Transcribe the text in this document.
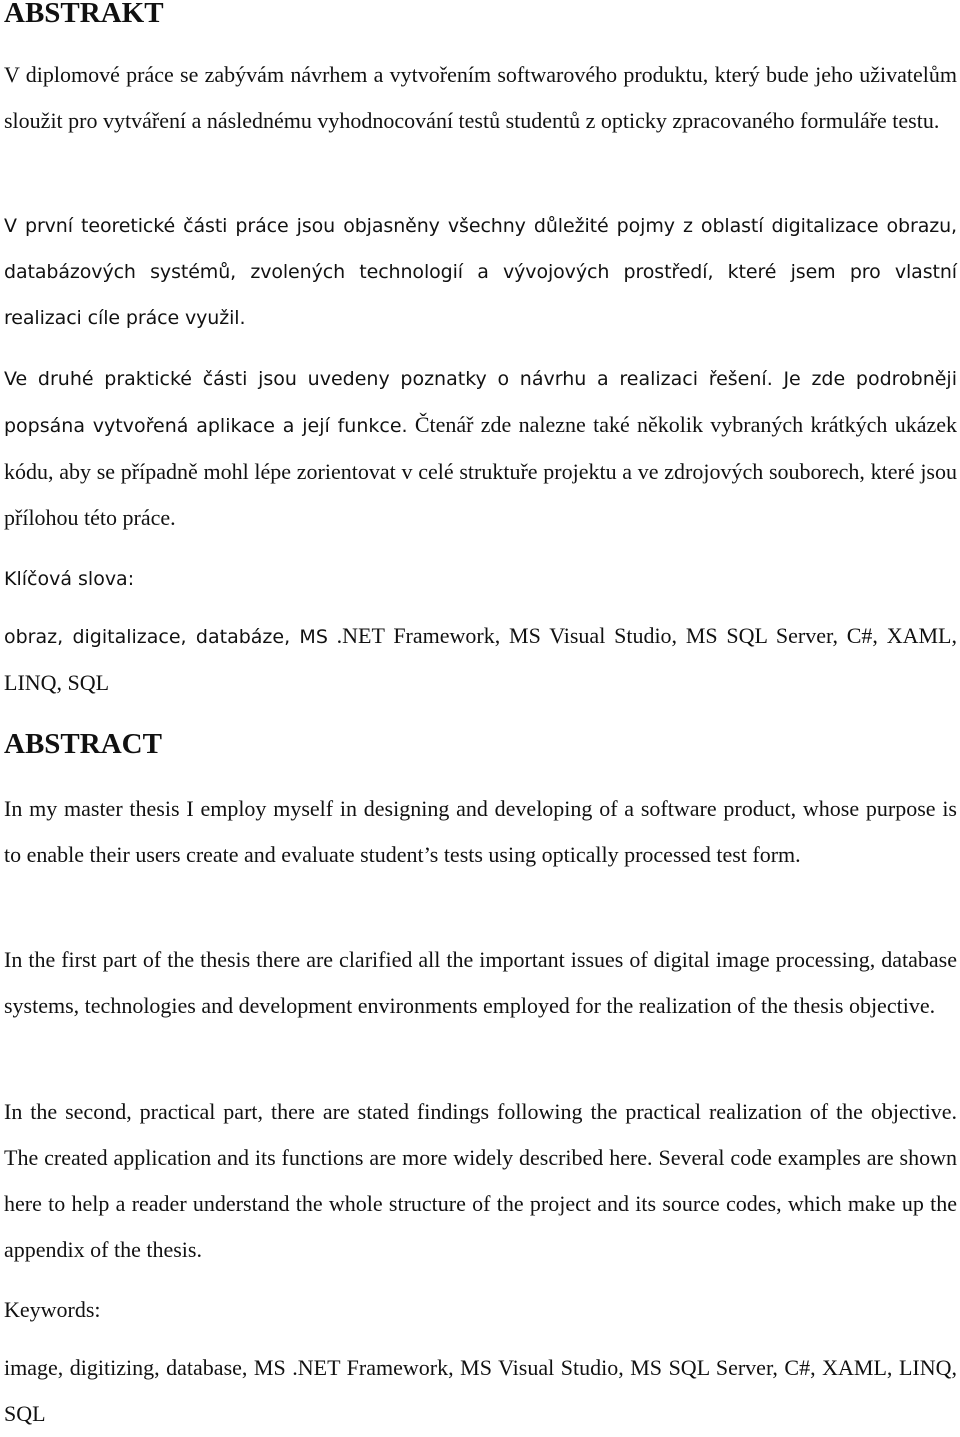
ABSTRAKT

V diplomové práce se zabývám návrhem a vytvořením softwarového produktu, který bude jeho uživatelům sloužit pro vytváření a následnému vyhodnocování testů studentů z opticky zpracovaného formuláře testu.

V první teoretické části práce jsou objasněny všechny důležité pojmy z oblastí digitalizace obrazu, databázových systémů, zvolených technologií a vývojových prostředí, které jsem pro vlastní realizaci cíle práce využil.

Ve druhé praktické části jsou uvedeny poznatky o návrhu a realizaci řešení. Je zde podrobněji popsána vytvořená aplikace a její funkce. Čtenář zde nalezne také několik vybraných krátkých ukázek kódu, aby se případně mohl lépe zorientovat v celé struktuře projektu a ve zdrojových souborech, které jsou přílohou této práce.

Klíčová slova:

obraz, digitalizace, databáze, MS .NET Framework, MS Visual Studio, MS SQL Server, C#, XAML, LINQ, SQL

ABSTRACT

In my master thesis I employ myself in designing and developing of a software product, whose purpose is to enable their users create and evaluate student’s tests using optically processed test form.

In the first part of the thesis there are clarified all the important issues of digital image processing, database systems, technologies and development environments employed for the realization of the thesis objective.

In the second, practical part, there are stated findings following the practical realization of the objective. The created application and its functions are more widely described here. Several code examples are shown here to help a reader understand the whole structure of the project and its source codes, which make up the appendix of the thesis.

Keywords:

image, digitizing, database, MS .NET Framework, MS Visual Studio, MS SQL Server, C#, XAML, LINQ, SQL
